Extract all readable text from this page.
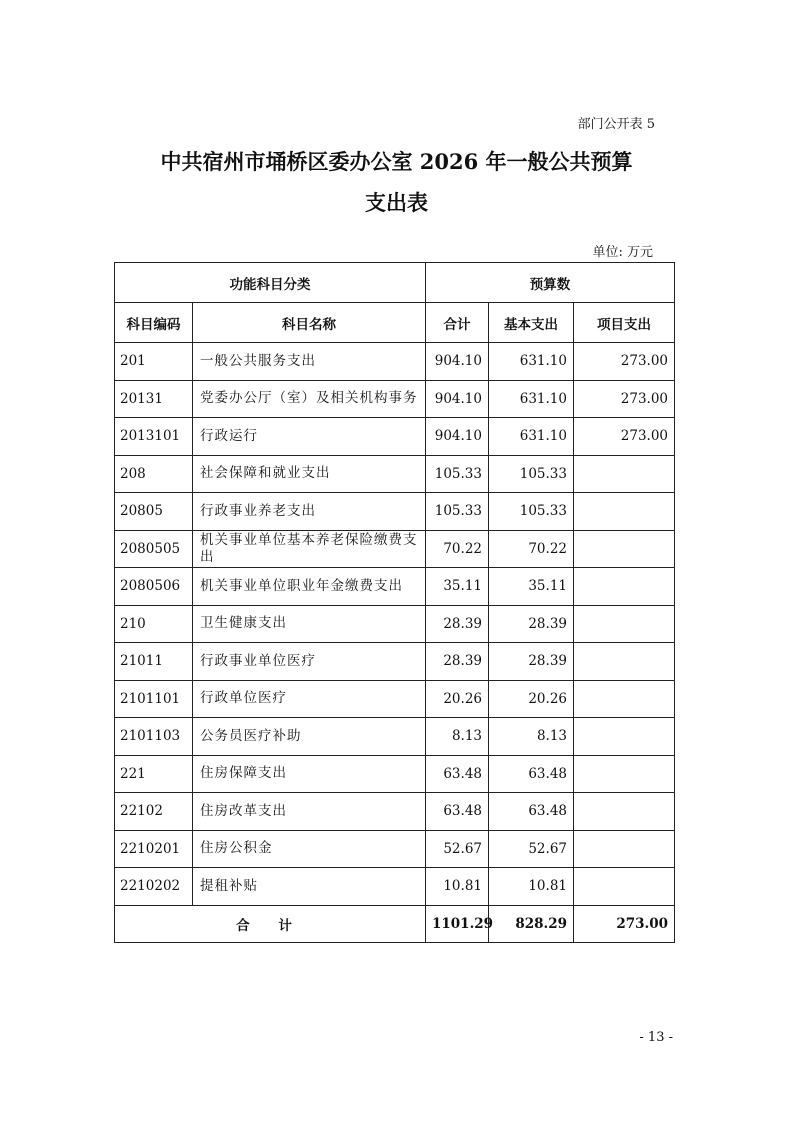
部门公开表 5
中共宿州市埇桥区委办公室 2026 年一般公共预算
支出表
单位: 万元
功能科目分类		预算数		
科目编码	科目名称	合计	基本支出	项目支出
201	一般公共服务支出	904.10	631.10	273.00
20131	党委办公厅（室）及相关机构事务	904.10	631.10	273.00
2013101	行政运行	904.10	631.10	273.00
208	社会保障和就业支出	105.33	105.33	
20805	行政事业养老支出	105.33	105.33	
2080505	机关事业单位基本养老保险缴费支出	70.22	70.22	
2080506	机关事业单位职业年金缴费支出	35.11	35.11	
210	卫生健康支出	28.39	28.39	
21011	行政事业单位医疗	28.39	28.39	
2101101	行政单位医疗	20.26	20.26	
2101103	公务员医疗补助	8.13	8.13	
221	住房保障支出	63.48	63.48	
22102	住房改革支出	63.48	63.48	
2210201	住房公积金	52.67	52.67	
2210202	提租补贴	10.81	10.81	
合 计		1101.29	828.29	273.00
- 13 -
